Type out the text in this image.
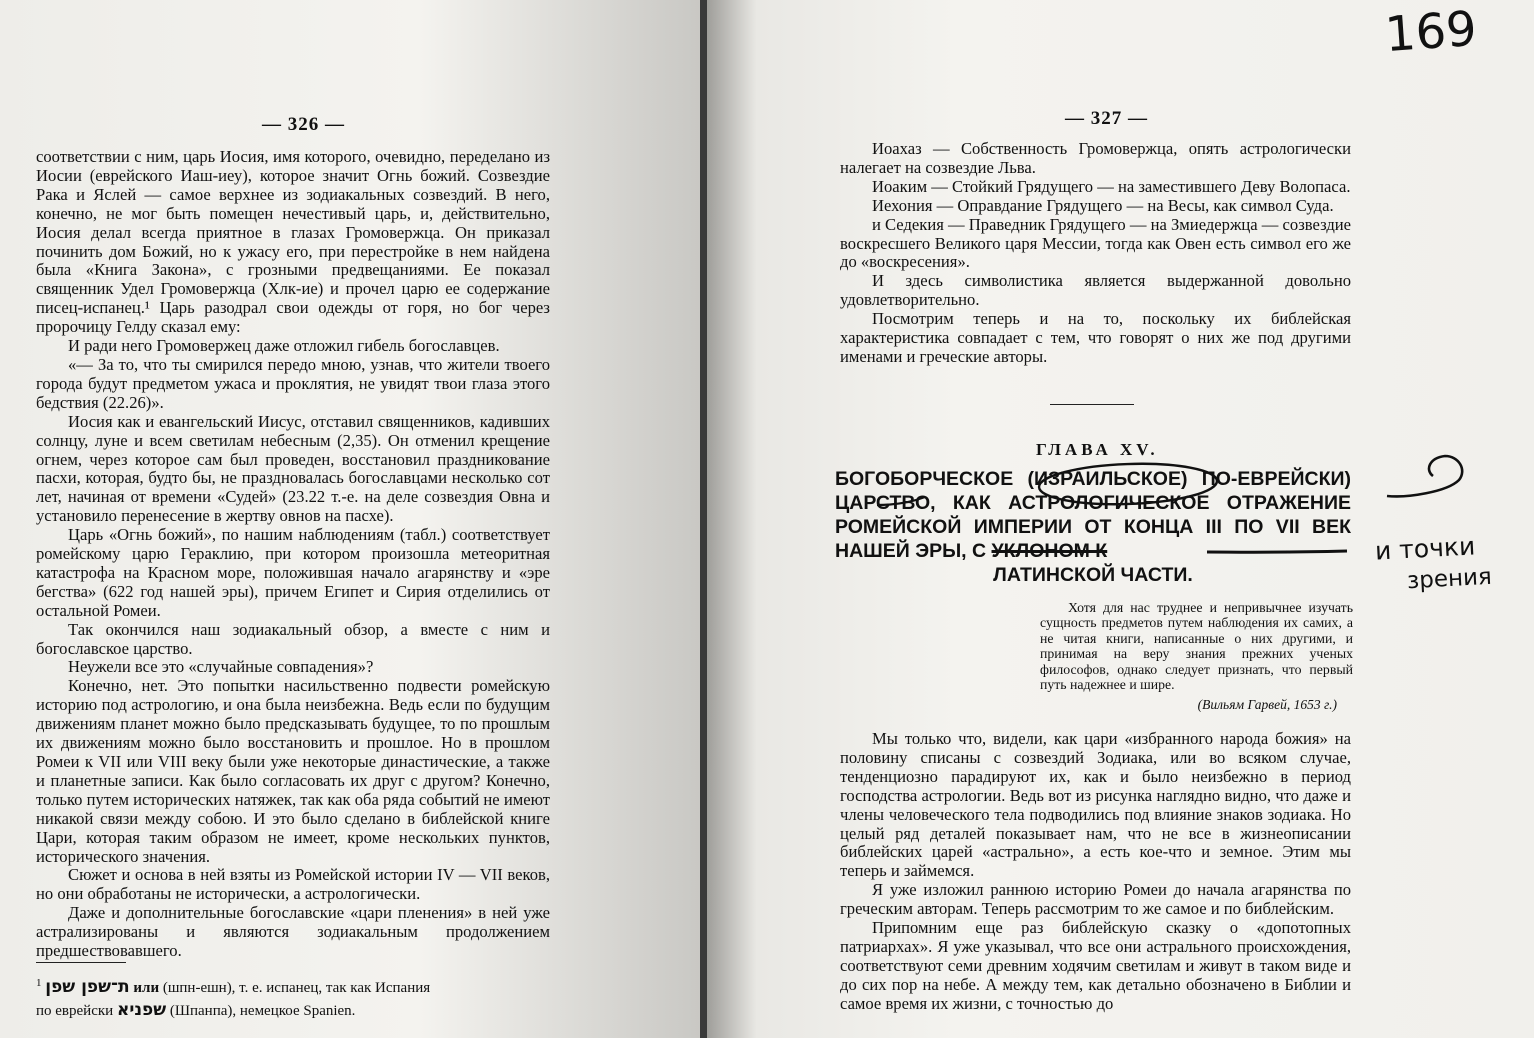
— 326 —

соответствии с ним, царь Иосия, имя которого, очевидно, переделано из Иосии (еврейского Иаш-иеу), которое значит Огнь божий. Созвездие Рака и Яслей — самое верхнее из зодиакальных созвездий. В него, конечно, не мог быть помещен нечестивый царь, и, действительно, Иосия делал всегда приятное в глазах Громовержца. Он приказал починить дом Божий, но к ужасу его, при перестройке в нем найдена была «Книга Закона», с грозными предвещаниями. Ее показал священник Удел Громовержца (Хлк-ие) и прочел царю ее содержание писец-испанец.¹ Царь разодрал свои одежды от горя, но бог через пророчицу Гелду сказал ему:

И ради него Громовержец даже отложил гибель богославцев.

«— За то, что ты смирился передо мною, узнав, что жители твоего города будут предметом ужаса и проклятия, не увидят твои глаза этого бедствия (22.26)».

Иосия как и евангельский Иисус, отставил священников, кадивших солнцу, луне и всем светилам небесным (2,35). Он отменил крещение огнем, через которое сам был проведен, восстановил праздникование пасхи, которая, будто бы, не праздновалась богославцами несколько сот лет, начиная от времени «Судей» (23.22 т.-е. на деле созвездия Овна и установило перенесение в жертву овнов на пасхе).

Царь «Огнь божий», по нашим наблюдениям (табл.) соответствует ромейскому царю Гераклию, при котором произошла метеоритная катастрофа на Красном море, положившая начало агарянству и «эре бегства» (622 год нашей эры), причем Египет и Сирия отделились от остальной Ромеи.

Так окончился наш зодиакальный обзор, а вместе с ним и богославское царство.

Неужели все это «случайные совпадения»?

Конечно, нет. Это попытки насильственно подвести ромейскую историю под астрологию, и она была неизбежна. Ведь если по будущим движениям планет можно было предсказывать будущее, то по прошлым их движениям можно было восстановить и прошлое. Но в прошлом Ромеи к VII или VIII веку были уже некоторые династические, а также и планетные записи. Как было согласовать их друг с другом? Конечно, только путем исторических натяжек, так как оба ряда событий не имеют никакой связи между собою. И это было сделано в библейской книге Цари, которая таким образом не имеет, кроме нескольких пунктов, исторического значения.

Сюжет и основа в ней взяты из Ромейской истории IV — VII веков, но они обработаны не исторически, а астрологически.

Даже и дополнительные богославские «цари пленения» в ней уже астрализированы и являются зодиакальным продолжением предшествовавшего.

$^1$ ת־שפן שפן или (шпн-ешн), т. е. испанец, так как Испания
по еврейски שפניא (Шпанпа), немецкое Spanien.
— 327 —

Иоахаз — Собственность Громовержца, опять астрологически налегает на созвездие Льва.

Иоаким — Стойкий Грядущего — на заместившего Деву Волопаса.

Иехония — Оправдание Грядущего — на Весы, как символ Суда.

и Седекия — Праведник Грядущего — на Змиедержца — созвездие воскресшего Великого царя Мессии, тогда как Овен есть символ его же до «воскресения».

И здесь символистика является выдержанной довольно удовлетворительно.

Посмотрим теперь и на то, поскольку их библейская характеристика совпадает с тем, что говорят о них же под другими именами и греческие авторы.

ГЛАВА XV.
БОГОБОРЧЕСКОЕ (ИЗРАИЛЬСКОЕ) ПО-ЕВРЕЙСКИ) ЦАРСТВО, КАК АСТРОЛОГИЧЕСКОЕ ОТРАЖЕНИЕ РОМЕЙСКОЙ ИМПЕРИИ ОТ КОНЦА III ПО VII ВЕК НАШЕЙ ЭРЫ, С УКЛОНОМ К
ЛАТИНСКОЙ ЧАСТИ.
Хотя для нас труднее и непривычнее изучать сущность предметов путем наблюдения их самих, а не читая книги, написанные о них другими, и принимая на веру знания прежних ученых философов, однако следует признать, что первый путь надежнее и шире.
(Вильям Гарвей, 1653 г.)

Мы только что, видели, как цари «избранного народа божия» на половину списаны с созвездий Зодиака, или во всяком случае, тенденциозно парадируют их, как и было неизбежно в период господства астрологии. Ведь вот из рисунка наглядно видно, что даже и члены человеческого тела подводились под влияние знаков зодиака. Но целый ряд деталей показывает нам, что не все в жизнеописании библейских царей «астрально», а есть кое-что и земное. Этим мы теперь и займемся.

Я уже изложил раннюю историю Ромеи до начала агарянства по греческим авторам. Теперь рассмотрим то же самое и по библейским.

Припомним еще раз библейскую сказку о «допотопных патриархах». Я уже указывал, что все они астрального происхождения, соответствуют семи древним ходячим светилам и живут в таком виде и до сих пор на небе. А между тем, как детально обозначено в Библии и самое время их жизни, с точностью до

169
и точки
зрения
